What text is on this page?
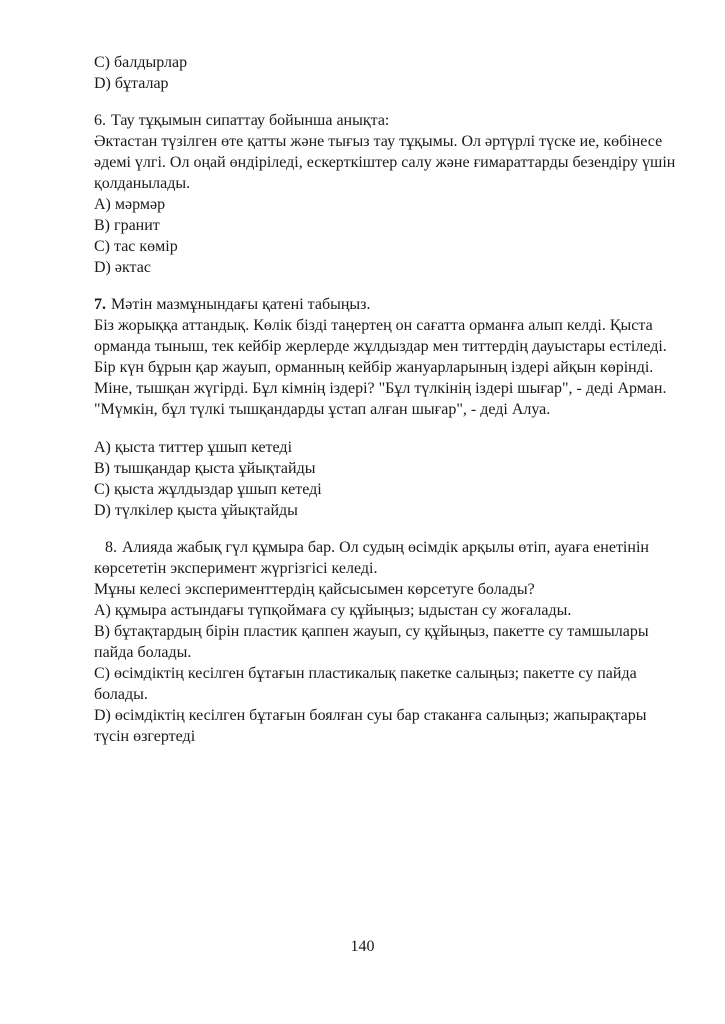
C) балдырлар

D) бұталар

6. Тау тұқымын сипаттау бойынша анықта:

Әктастан түзілген өте қатты және тығыз тау тұқымы. Ол әртүрлі түске ие, көбінесе әдемі үлгі. Ол оңай өндіріледі, ескерткіштер салу және ғимараттарды безендіру үшін қолданылады.

A) мәрмәр

B) гранит

C) тас көмір

D) әктас

7. Мәтін мазмұнындағы қатені табыңыз.

Біз жорыққа аттандық. Көлік бізді таңертең он сағатта орманға алып келді. Қыста орманда тыныш, тек кейбір жерлерде жұлдыздар мен титтердің дауыстары естіледі. Бір күн бұрын қар жауып, орманның кейбір жануарларының іздері айқын көрінді. Міне, тышқан жүгірді. Бұл кімнің іздері? "Бұл түлкінің іздері шығар", - деді Арман. "Мүмкін, бұл түлкі тышқандарды ұстап алған шығар", - деді Алуа.

A) қыста титтер ұшып кетеді

B) тышқандар қыста ұйықтайды

C) қыста жұлдыздар ұшып кетеді

D) түлкілер қыста ұйықтайды

8. Алияда жабық гүл құмыра бар. Ол судың өсімдік арқылы өтіп, ауаға енетінін көрсететін эксперимент жүргізгісі келеді.

Мұны келесі эксперименттердің қайсысымен көрсетуге болады?

A) құмыра астындағы түпқоймаға су құйыңыз; ыдыстан су жоғалады.

B) бұтақтардың бірін пластик қаппен жауып, су құйыңыз, пакетте су тамшылары пайда болады.

C) өсімдіктің кесілген бұтағын пластикалық пакетке салыңыз; пакетте су пайда болады.

D) өсімдіктің кесілген бұтағын боялған суы бар стаканға салыңыз; жапырақтары түсін өзгертеді

140
